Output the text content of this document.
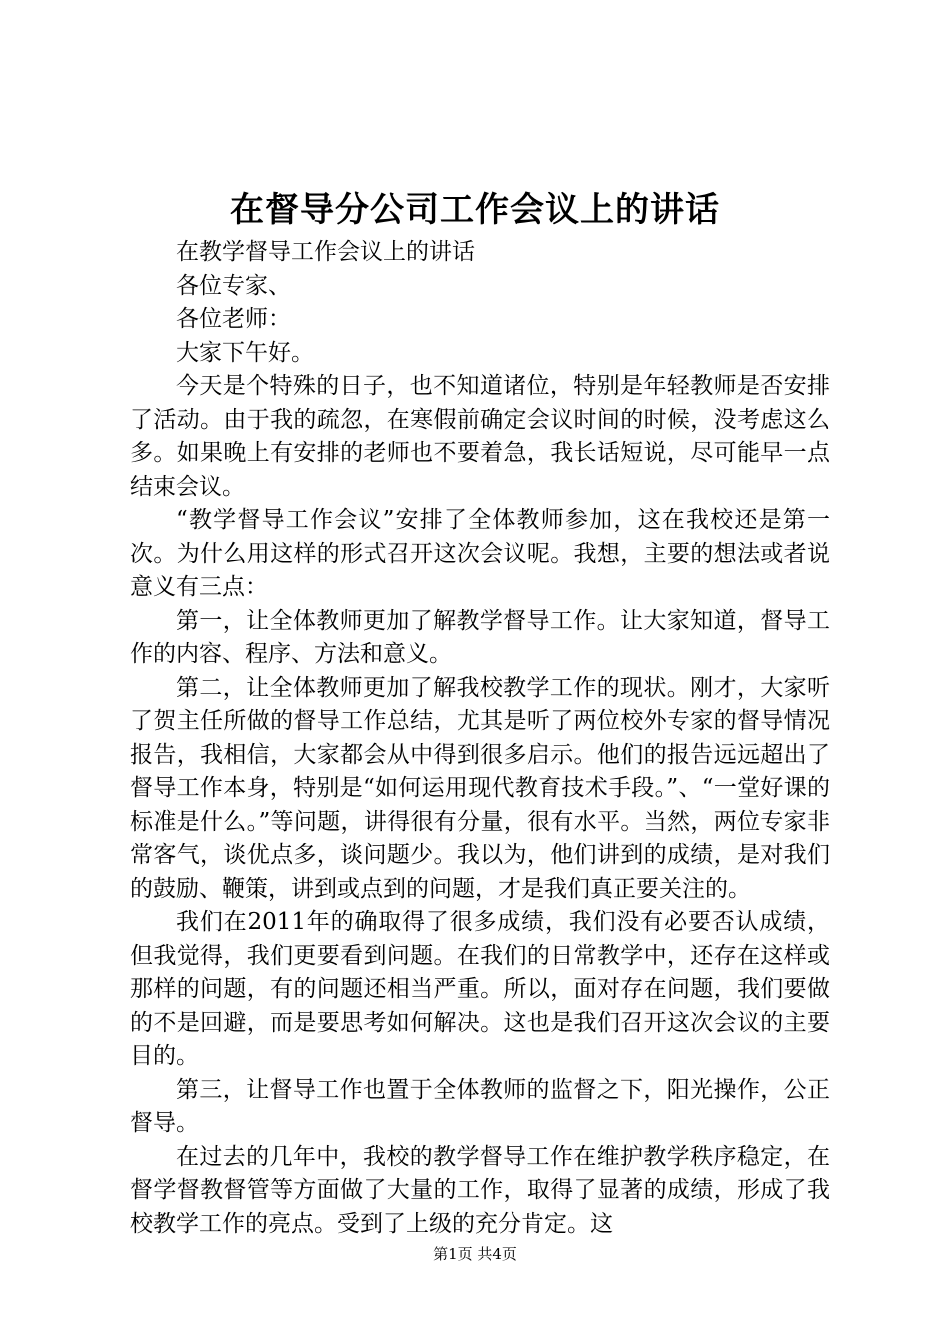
在督导分公司工作会议上的讲话

在教学督导工作会议上的讲话

各位专家、

各位老师：

大家下午好。

今天是个特殊的日子，也不知道诸位，特别是年轻教师是否安排了活动。由于我的疏忽，在寒假前确定会议时间的时候，没考虑这么多。如果晚上有安排的老师也不要着急，我长话短说，尽可能早一点结束会议。

“教学督导工作会议”安排了全体教师参加，这在我校还是第一次。为什么用这样的形式召开这次会议呢。我想，主要的想法或者说意义有三点：

第一，让全体教师更加了解教学督导工作。让大家知道，督导工作的内容、程序、方法和意义。

第二，让全体教师更加了解我校教学工作的现状。刚才，大家听了贺主任所做的督导工作总结，尤其是听了两位校外专家的督导情况报告，我相信，大家都会从中得到很多启示。他们的报告远远超出了督导工作本身，特别是“如何运用现代教育技术手段。”、“一堂好课的标准是什么。”等问题，讲得很有分量，很有水平。当然，两位专家非常客气，谈优点多，谈问题少。我以为，他们讲到的成绩，是对我们的鼓励、鞭策，讲到或点到的问题，才是我们真正要关注的。

我们在2011年的确取得了很多成绩，我们没有必要否认成绩，但我觉得，我们更要看到问题。在我们的日常教学中，还存在这样或那样的问题，有的问题还相当严重。所以，面对存在问题，我们要做的不是回避，而是要思考如何解决。这也是我们召开这次会议的主要目的。

第三，让督导工作也置于全体教师的监督之下，阳光操作，公正督导。

在过去的几年中，我校的教学督导工作在维护教学秩序稳定，在督学督教督管等方面做了大量的工作，取得了显著的成绩，形成了我校教学工作的亮点。受到了上级的充分肯定。这

第1页 共4页
